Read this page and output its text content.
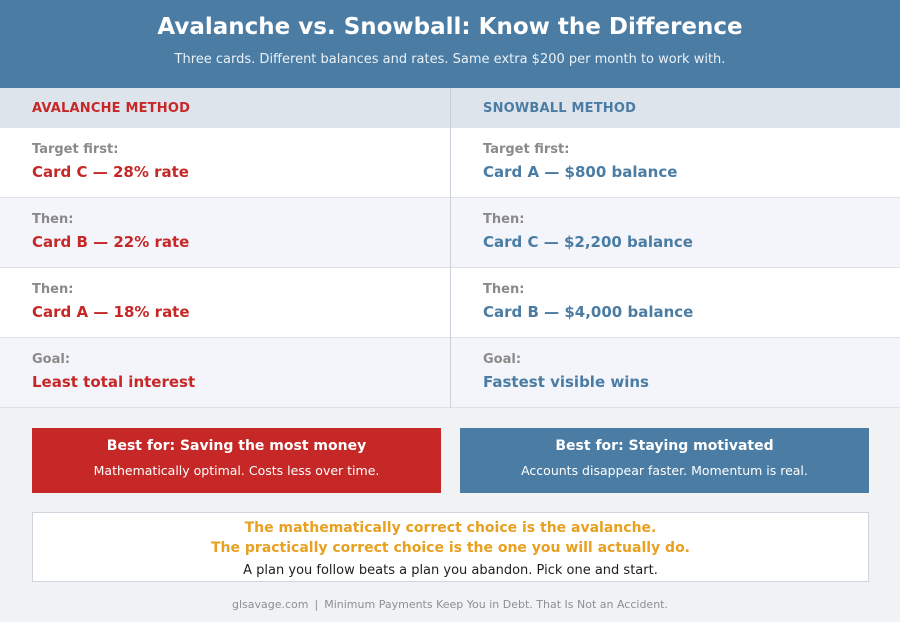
Avalanche vs. Snowball: Know the Difference
Three cards. Different balances and rates. Same extra $200 per month to work with.
AVALANCHE METHOD	SNOWBALL METHOD
Target first:
Card C — 28% rate
Target first:
Card A — $800 balance
Then:
Card B — 22% rate
Then:
Card C — $2,200 balance
Then:
Card A — 18% rate
Then:
Card B — $4,000 balance
Goal:
Least total interest
Goal:
Fastest visible wins
Best for: Saving the most money
Mathematically optimal. Costs less over time.
Best for: Staying motivated
Accounts disappear faster. Momentum is real.
The mathematically correct choice is the avalanche.
The practically correct choice is the one you will actually do.
A plan you follow beats a plan you abandon. Pick one and start.
glsavage.com | Minimum Payments Keep You in Debt. That Is Not an Accident.
